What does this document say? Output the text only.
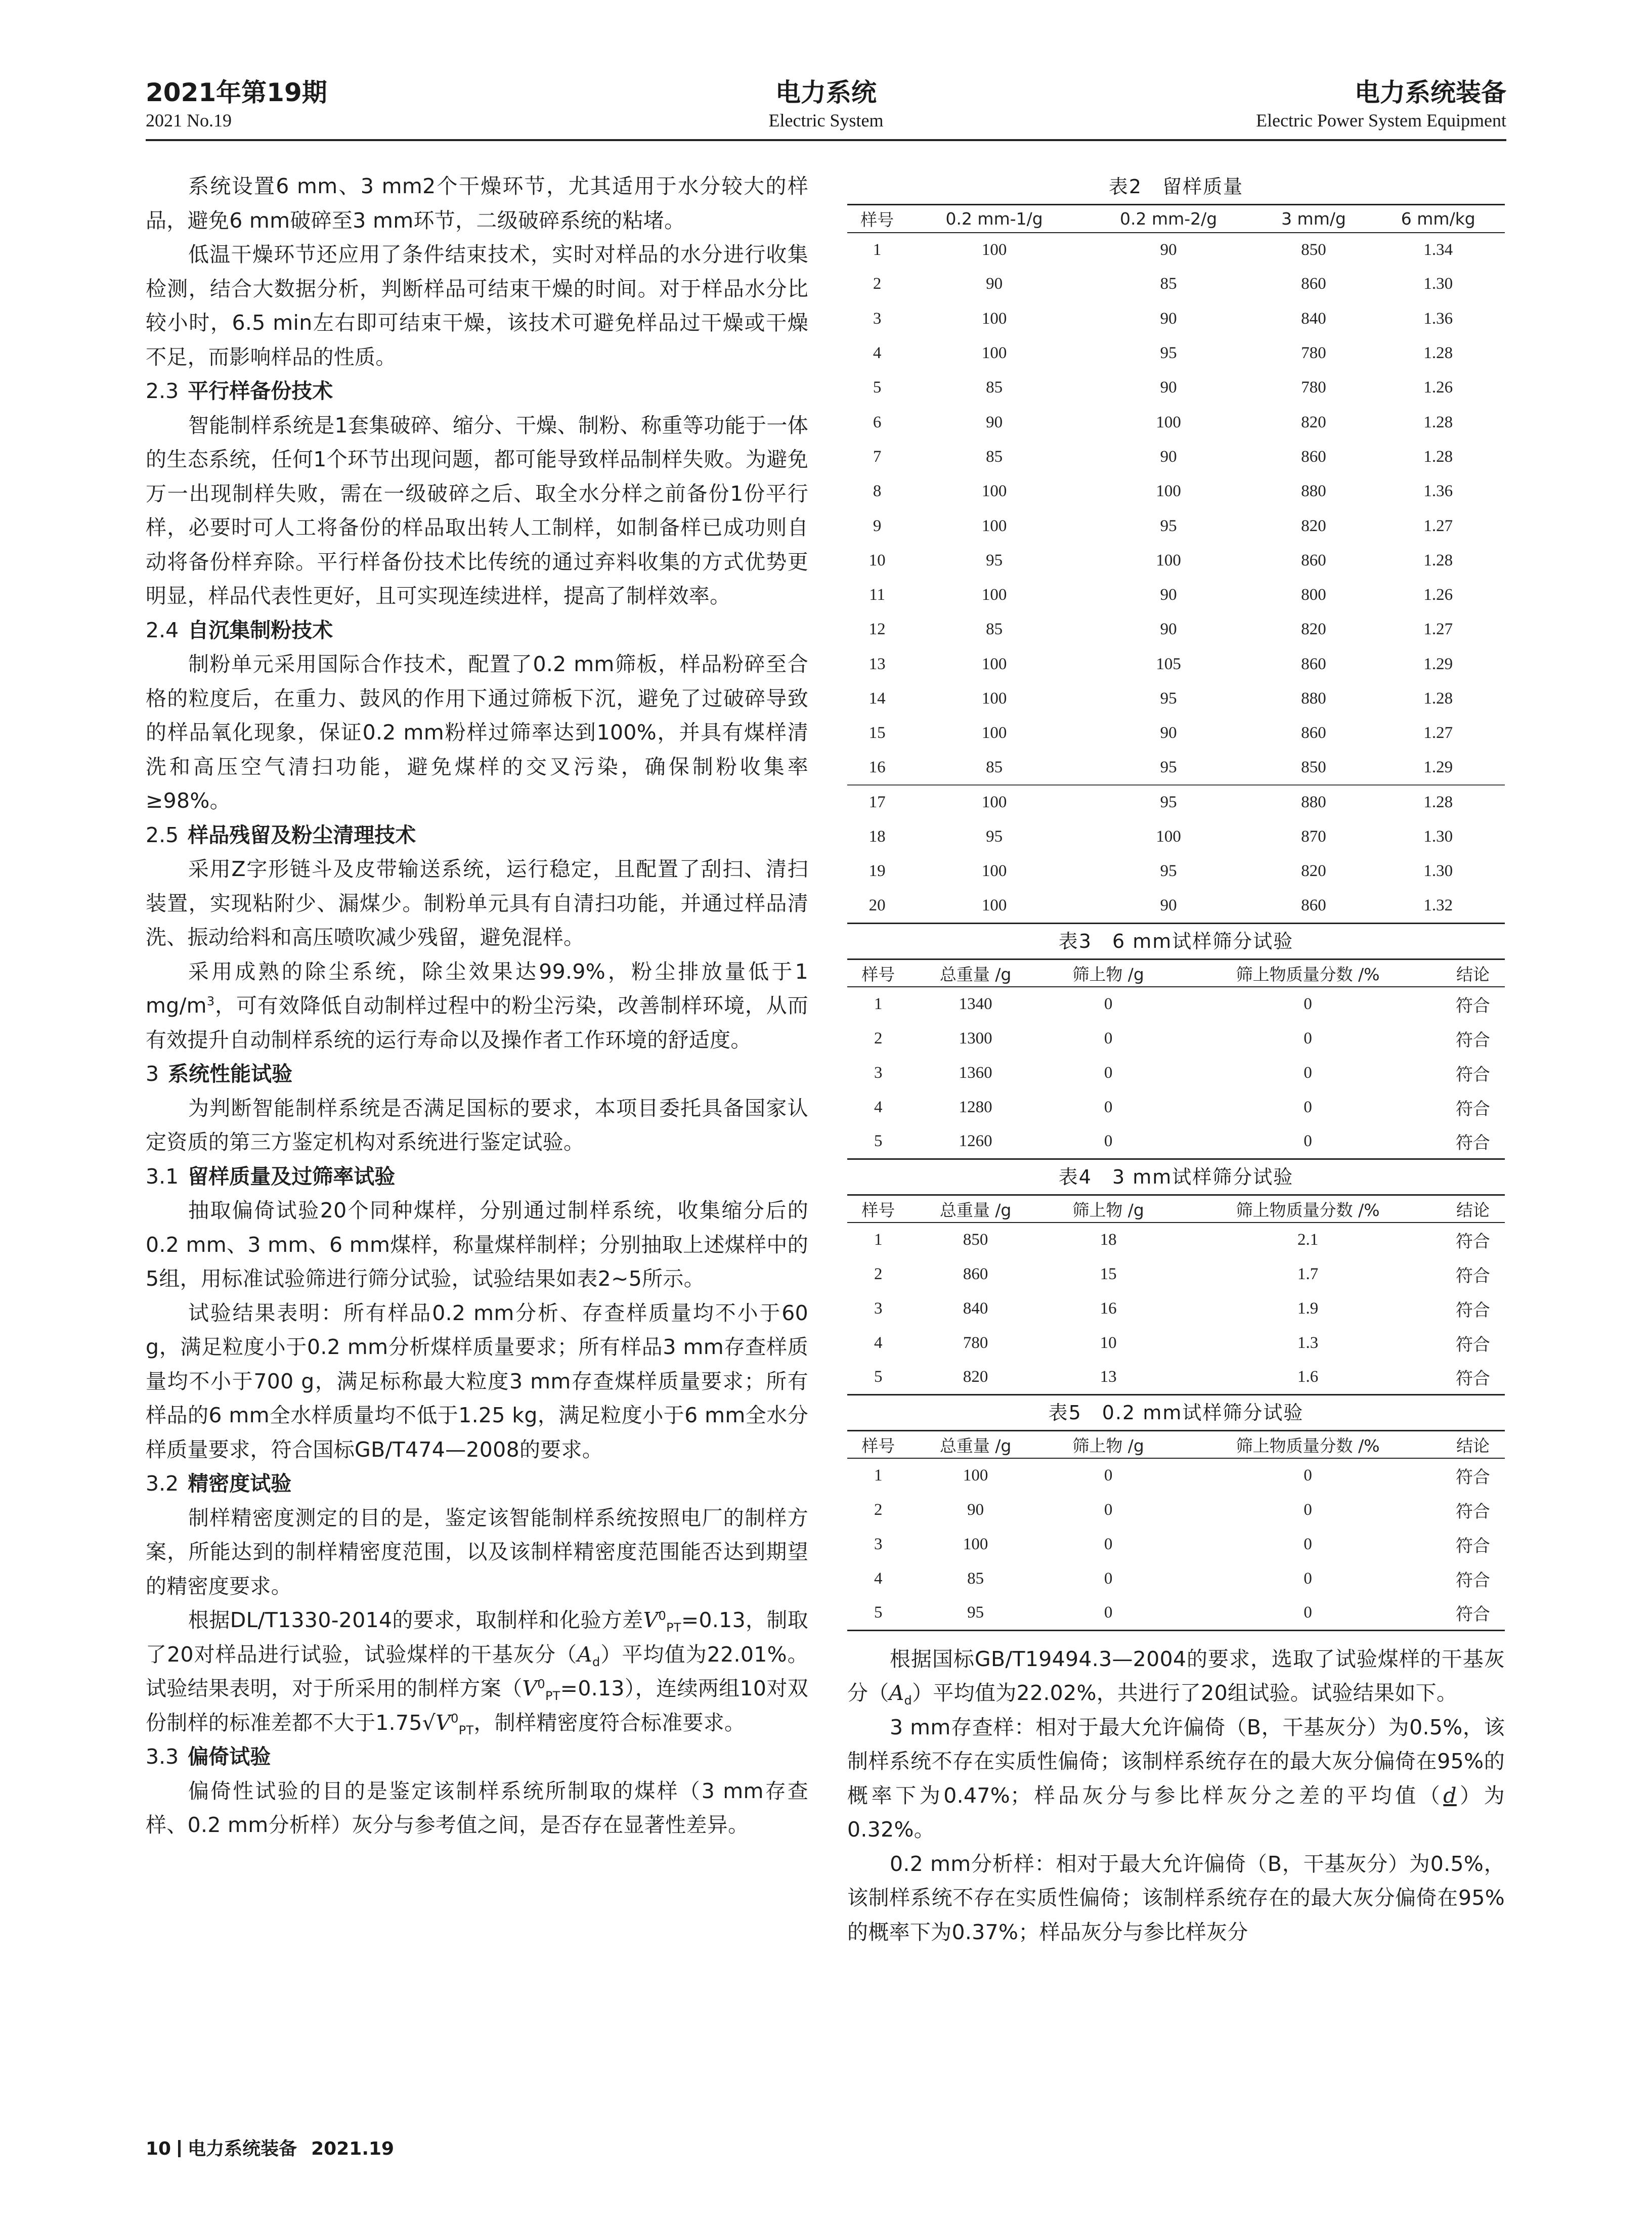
2021年第19期
2021 No.19
电力系统
Electric System
电力系统装备
Electric Power System Equipment

系统设置6 mm、3 mm2个干燥环节，尤其适用于水分较大的样品，避免6 mm破碎至3 mm环节，二级破碎系统的粘堵。

低温干燥环节还应用了条件结束技术，实时对样品的水分进行收集检测，结合大数据分析，判断样品可结束干燥的时间。对于样品水分比较小时，6.5 min左右即可结束干燥，该技术可避免样品过干燥或干燥不足，而影响样品的性质。

2.3 平行样备份技术

智能制样系统是1套集破碎、缩分、干燥、制粉、称重等功能于一体的生态系统，任何1个环节出现问题，都可能导致样品制样失败。为避免万一出现制样失败，需在一级破碎之后、取全水分样之前备份1份平行样，必要时可人工将备份的样品取出转人工制样，如制备样已成功则自动将备份样弃除。平行样备份技术比传统的通过弃料收集的方式优势更明显，样品代表性更好，且可实现连续进样，提高了制样效率。

2.4 自沉集制粉技术

制粉单元采用国际合作技术，配置了0.2 mm筛板，样品粉碎至合格的粒度后，在重力、鼓风的作用下通过筛板下沉，避免了过破碎导致的样品氧化现象，保证0.2 mm粉样过筛率达到100%，并具有煤样清洗和高压空气清扫功能，避免煤样的交叉污染，确保制粉收集率≥98%。

2.5 样品残留及粉尘清理技术

采用Z字形链斗及皮带输送系统，运行稳定，且配置了刮扫、清扫装置，实现粘附少、漏煤少。制粉单元具有自清扫功能，并通过样品清洗、振动给料和高压喷吹减少残留，避免混样。

采用成熟的除尘系统，除尘效果达99.9%，粉尘排放量低于1 $mg/m^3$，可有效降低自动制样过程中的粉尘污染，改善制样环境，从而有效提升自动制样系统的运行寿命以及操作者工作环境的舒适度。

3 系统性能试验

为判断智能制样系统是否满足国标的要求，本项目委托具备国家认定资质的第三方鉴定机构对系统进行鉴定试验。

3.1 留样质量及过筛率试验

抽取偏倚试验20个同种煤样，分别通过制样系统，收集缩分后的0.2 mm、3 mm、6 mm煤样，称量煤样制样；分别抽取上述煤样中的5组，用标准试验筛进行筛分试验，试验结果如表2~5所示。

试验结果表明：所有样品0.2 mm分析、存查样质量均不小于60 g，满足粒度小于0.2 mm分析煤样质量要求；所有样品3 mm存查样质量均不小于700 g，满足标称最大粒度3 mm存查煤样质量要求；所有样品的6 mm全水样质量均不低于1.25 kg，满足粒度小于6 mm全水分样质量要求，符合国标GB/T474—2008的要求。

3.2 精密度试验

制样精密度测定的目的是，鉴定该智能制样系统按照电厂的制样方案，所能达到的制样精密度范围，以及该制样精密度范围能否达到期望的精密度要求。

根据DL/T1330-2014的要求，取制样和化验方差$V^0_{PT}=0.13$，制取了20对样品进行试验，试验煤样的干基灰分$(A_d)$平均值为22.01%。试验结果表明，对于所采用的制样方案$(V^0_{PT}=0.13)$，连续两组10对双份制样的标准差都不大于$1.75√V^0_{PT}$，制样精密度符合标准要求。

3.3 偏倚试验

偏倚性试验的目的是鉴定该制样系统所制取的煤样（3 mm存查样、0.2 mm分析样）灰分与参考值之间，是否存在显著性差异。

表2　留样质量
样号	0.2 mm-1/g	0.2 mm-2/g	3 mm/g	6 mm/kg
1	100	90	850	1.34
2	90	85	860	1.30
3	100	90	840	1.36
4	100	95	780	1.28
5	85	90	780	1.26
6	90	100	820	1.28
7	85	90	860	1.28
8	100	100	880	1.36
9	100	95	820	1.27
10	95	100	860	1.28
11	100	90	800	1.26
12	85	90	820	1.27
13	100	105	860	1.29
14	100	95	880	1.28
15	100	90	860	1.27
16	85	95	850	1.29
17	100	95	880	1.28
18	95	100	870	1.30
19	100	95	820	1.30
20	100	90	860	1.32
表3　6 mm试样筛分试验
样号	总重量 /g	筛上物 /g	筛上物质量分数 /%	结论
1	1340	0	0	符合
2	1300	0	0	符合
3	1360	0	0	符合
4	1280	0	0	符合
5	1260	0	0	符合
表4　3 mm试样筛分试验
样号	总重量 /g	筛上物 /g	筛上物质量分数 /%	结论
1	850	18	2.1	符合
2	860	15	1.7	符合
3	840	16	1.9	符合
4	780	10	1.3	符合
5	820	13	1.6	符合
表5　0.2 mm试样筛分试验
样号	总重量 /g	筛上物 /g	筛上物质量分数 /%	结论
1	100	0	0	符合
2	90	0	0	符合
3	100	0	0	符合
4	85	0	0	符合
5	95	0	0	符合

根据国标GB/T19494.3—2004的要求，选取了试验煤样的干基灰分$(A_d)$平均值为22.02%，共进行了20组试验。试验结果如下。

3 mm存查样：相对于最大允许偏倚（B，干基灰分）为0.5%，该制样系统不存在实质性偏倚；该制样系统存在的最大灰分偏倚在95%的概率下为0.47%；样品灰分与参比样灰分之差的平均值（d）为0.32%。

0.2 mm分析样：相对于最大允许偏倚（B，干基灰分）为0.5%，该制样系统不存在实质性偏倚；该制样系统存在的最大灰分偏倚在95%的概率下为0.37%；样品灰分与参比样灰分

10 电力系统装备 2021.19
